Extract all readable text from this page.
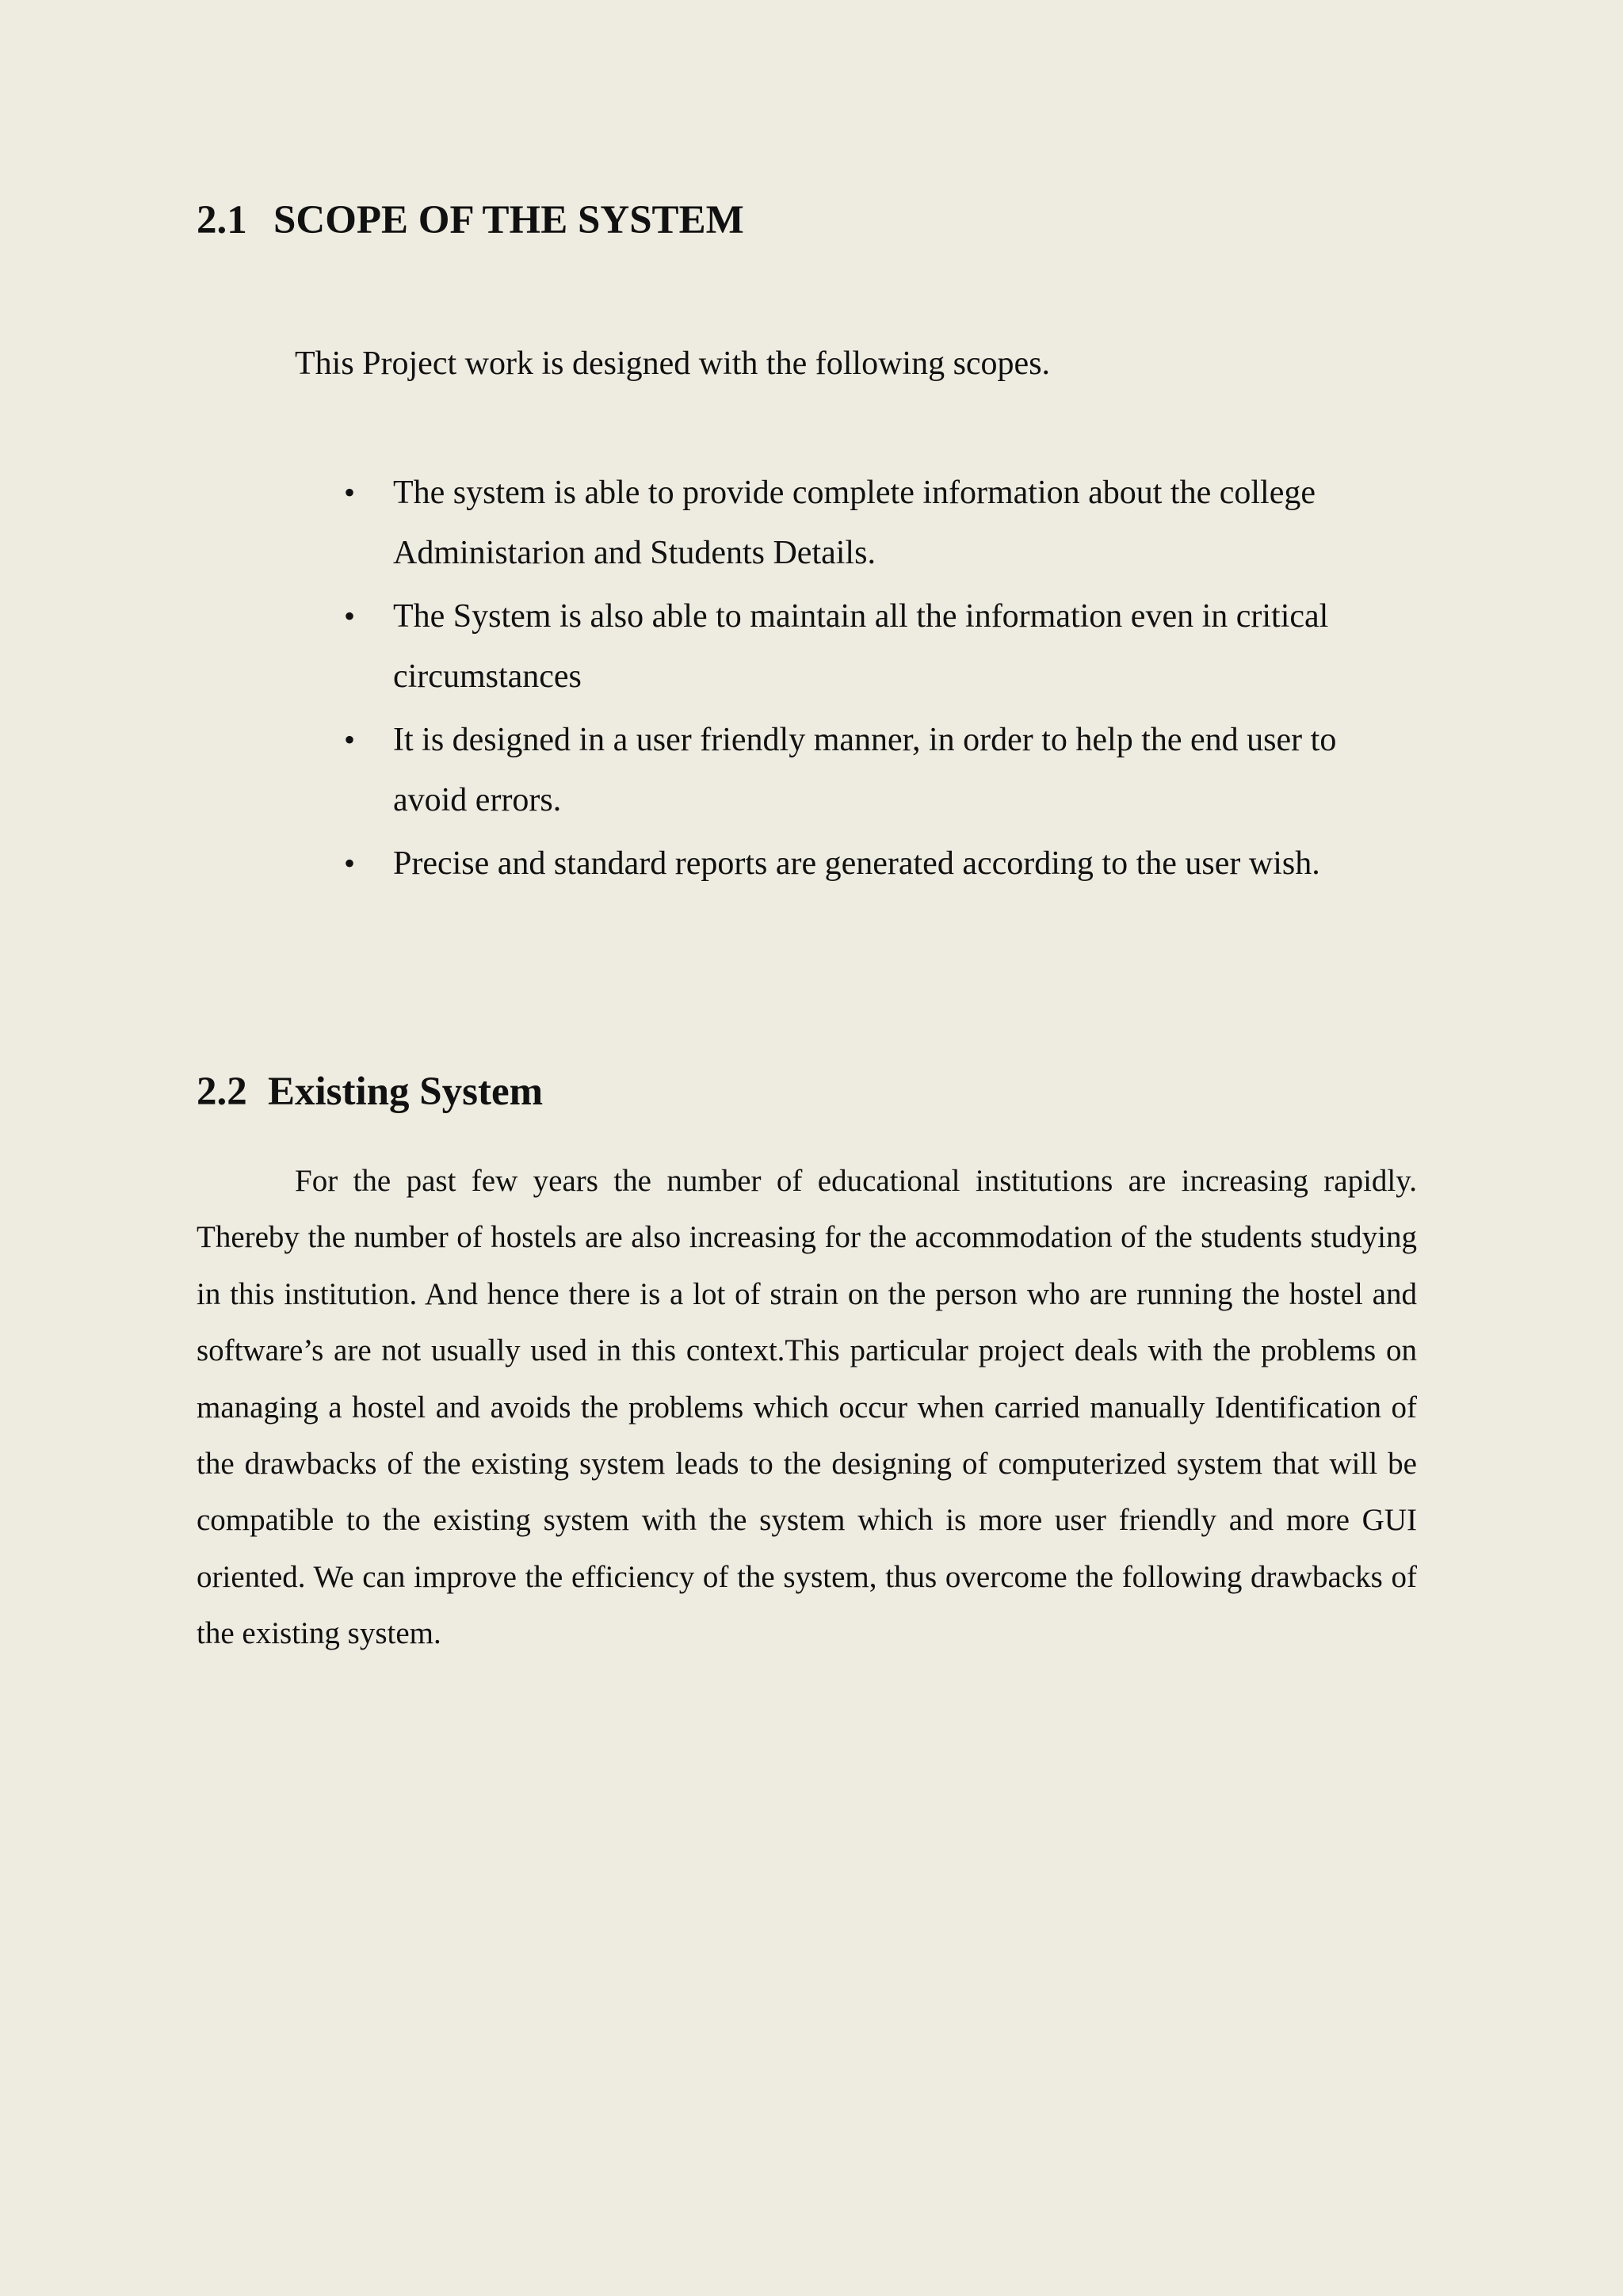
2.1 SCOPE OF THE SYSTEM

This Project work is designed with the following scopes.

• The system is able to provide complete information about the college Administarion and Students Details.
• The System is also able to maintain all the information even in critical circumstances
• It is designed in a user friendly manner, in order to help the end user to avoid errors.
• Precise and standard reports are generated according to the user wish.
2.2 Existing System

For the past few years the number of educational institutions are increasing rapidly. Thereby the number of hostels are also increasing for the accommodation of the students studying in this institution. And hence there is a lot of strain on the person who are running the hostel and software’s are not usually used in this context.This particular project deals with the problems on managing a hostel and avoids the problems which occur when carried manually Identification of the drawbacks of the existing system leads to the designing of computerized system that will be compatible to the existing system with the system which is more user friendly and more GUI oriented. We can improve the efficiency of the system, thus overcome the following drawbacks of the existing system.
